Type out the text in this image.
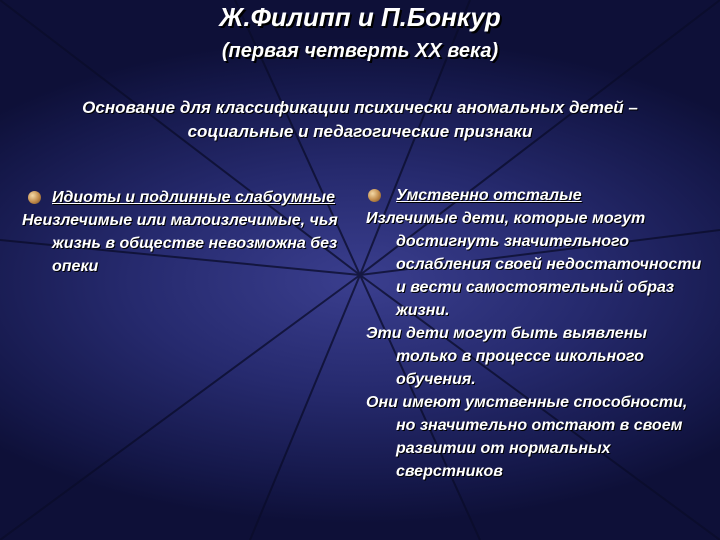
Ж.Филипп и П.Бонкур
(первая четверть XX века)
Основание для классификации психически аномальных детей – социальные и педагогические признаки
Идиоты и подлинные слабоумные
Неизлечимые или малоизлечимые, чья жизнь в обществе невозможна без опеки
Умственно отсталые
Излечимые дети, которые могут достигнуть значительного ослабления своей недостаточности и вести самостоятельный образ жизни.
Эти дети могут быть выявлены только в процессе школьного обучения.
Они имеют умственные способности, но значительно отстают в своем развитии от нормальных сверстников
